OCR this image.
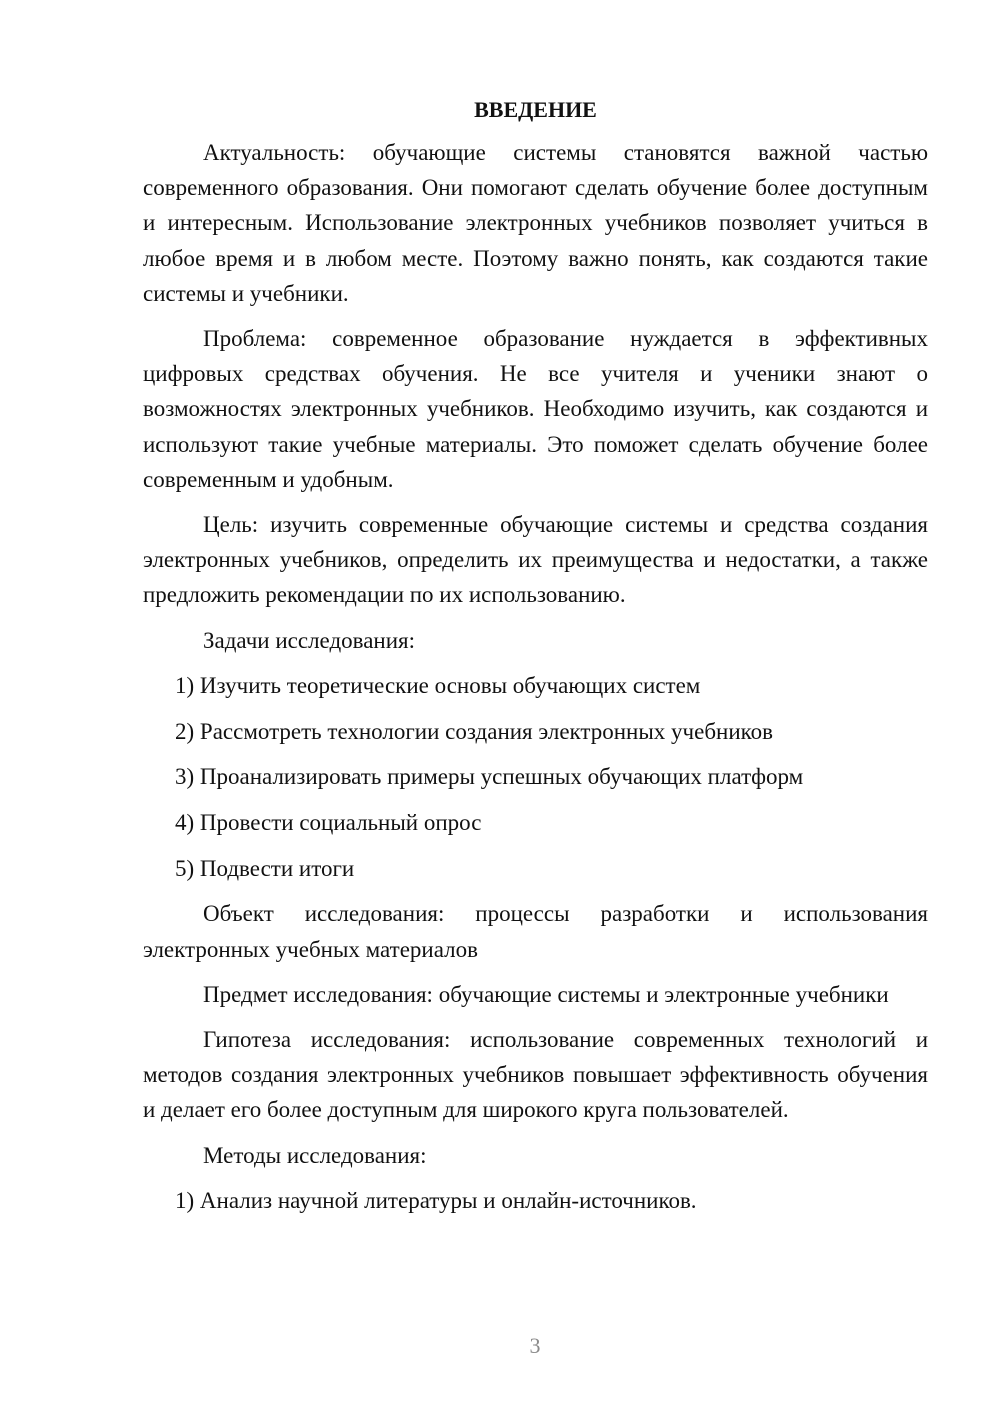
ВВЕДЕНИЕ

Актуальность: обучающие системы становятся важной частью современного образования. Они помогают сделать обучение более доступным и интересным. Использование электронных учебников позволяет учиться в любое время и в любом месте. Поэтому важно понять, как создаются такие системы и учебники.

Проблема: современное образование нуждается в эффективных цифровых средствах обучения. Не все учителя и ученики знают о возможностях электронных учебников. Необходимо изучить, как создаются и используют такие учебные материалы. Это поможет сделать обучение более современным и удобным.

Цель: изучить современные обучающие системы и средства создания электронных учебников, определить их преимущества и недостатки, а также предложить рекомендации по их использованию.

Задачи исследования:

1) Изучить теоретические основы обучающих систем
2) Рассмотреть технологии создания электронных учебников
3) Проанализировать примеры успешных обучающих платформ
4) Провести социальный опрос
5) Подвести итоги

Объект исследования: процессы разработки и использования электронных учебных материалов

Предмет исследования: обучающие системы и электронные учебники

Гипотеза исследования: использование современных технологий и методов создания электронных учебников повышает эффективность обучения и делает его более доступным для широкого круга пользователей.

Методы исследования:

1) Анализ научной литературы и онлайн-источников.
3
